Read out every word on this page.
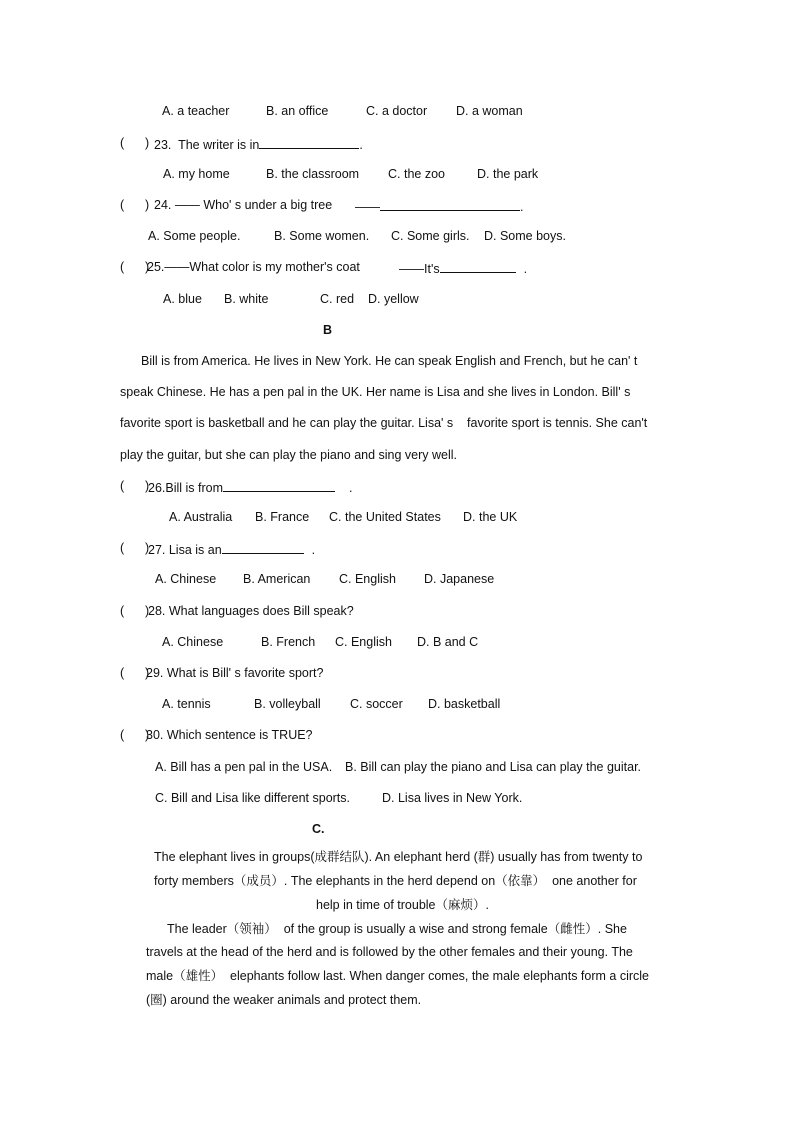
A. a teacher	B. an office	C. a doctor D. a woman
(      ) 23.  The writer is in	.
A. my home	B. the classroom C. the zoo	D. the park
(      ) 24. —— Who' s under a big tree ——	.
A. Some people.	B. Some women. C. Some girls. D. Some boys.
(      )
25.——What color is my mother's coat	——It's	.
A. blue B. white	C. red D. yellow
B
Bill is from America. He lives in New York. He can speak English and French, but he can' t
speak Chinese. He has a pen pal in the UK. Her name is Lisa and she lives in London. Bill' s
favorite sport is basketball and he can play the guitar. Lisa' s    favorite sport is tennis. She can't
play the guitar, but she can play the piano and sing very well.
(      )
26.Bill is from	.
A. Australia B. France C. the United States D. the UK
(      )
27. Lisa is an	.
A. Chinese B. American C. English D. Japanese
(      )
28. What languages does Bill speak?
A. Chinese	B. French C. English D. B and C
(      )
29. What is Bill' s favorite sport?
A. tennis	B. volleyball C. soccer D. basketball
(      )
30. Which sentence is TRUE?
A. Bill has a pen pal in the USA. B. Bill can play the piano and Lisa can play the guitar.
C. Bill and Lisa like different sports.	D. Lisa lives in New York.
C.
The elephant lives in groups(成群结队). An elephant herd (群) usually has from twenty to
forty members（成员）. The elephants in the herd depend on（依靠）  one another for
help in time of trouble（麻烦）.
The leader（领袖）  of the group is usually a wise and strong female（雌性）. She
travels at the head of the herd and is followed by the other females and their young. The
male（雄性）  elephants follow last. When danger comes, the male elephants form a circle
(圈) around the weaker animals and protect them.
